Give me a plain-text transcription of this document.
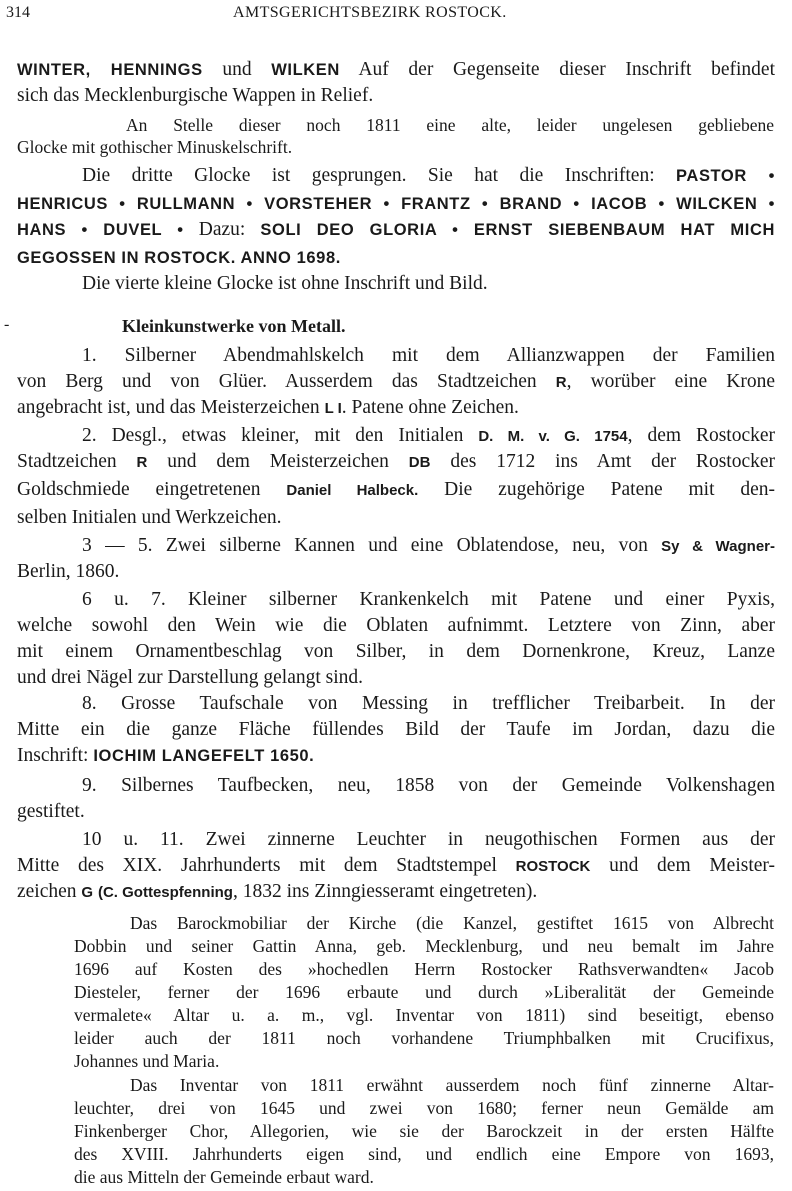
314	AMTSGERICHTSBEZIRK ROSTOCK.
-
WINTER, HENNINGS und WILKEN Auf der Gegenseite dieser Inschrift befindet
sich das Mecklenburgische Wappen in Relief.
An Stelle dieser noch 1811 eine alte, leider ungelesen gebliebene
Glocke mit gothischer Minuskelschrift.
Die dritte Glocke ist gesprungen. Sie hat die Inschriften: PASTOR •
HENRICUS • RULLMANN • VORSTEHER • FRANTZ • BRAND • IACOB • WILCKEN •
HANS • DUVEL • Dazu: SOLI DEO GLORIA • ERNST SIEBENBAUM HAT MICH
GEGOSSEN IN ROSTOCK. ANNO 1698.
Die vierte kleine Glocke ist ohne Inschrift und Bild.
Kleinkunstwerke von Metall.
1. Silberner Abendmahlskelch mit dem Allianzwappen der Familien
von Berg und von Glüer. Ausserdem das Stadtzeichen R, worüber eine Krone
angebracht ist, und das Meisterzeichen L I. Patene ohne Zeichen.
2. Desgl., etwas kleiner, mit den Initialen D. M. v. G. 1754, dem Rostocker
Stadtzeichen R und dem Meisterzeichen DB des 1712 ins Amt der Rostocker
Goldschmiede eingetretenen Daniel Halbeck. Die zugehörige Patene mit den-
selben Initialen und Werkzeichen.
3 — 5. Zwei silberne Kannen und eine Oblatendose, neu, von Sy & Wagner-
Berlin, 1860.
6 u. 7. Kleiner silberner Krankenkelch mit Patene und einer Pyxis,
welche sowohl den Wein wie die Oblaten aufnimmt. Letztere von Zinn, aber
mit einem Ornamentbeschlag von Silber, in dem Dornenkrone, Kreuz, Lanze
und drei Nägel zur Darstellung gelangt sind.
8. Grosse Taufschale von Messing in trefflicher Treibarbeit. In der
Mitte ein die ganze Fläche füllendes Bild der Taufe im Jordan, dazu die
Inschrift: IOCHIM LANGEFELT 1650.
9. Silbernes Taufbecken, neu, 1858 von der Gemeinde Volkenshagen
gestiftet.
10 u. 11. Zwei zinnerne Leuchter in neugothischen Formen aus der
Mitte des XIX. Jahrhunderts mit dem Stadtstempel ROSTOCK und dem Meister-
zeichen G (C. Gottespfenning, 1832 ins Zinngiesseramt eingetreten).
Das Barockmobiliar der Kirche (die Kanzel, gestiftet 1615 von Albrecht
Dobbin und seiner Gattin Anna, geb. Mecklenburg, und neu bemalt im Jahre
1696 auf Kosten des »hochedlen Herrn Rostocker Rathsverwandten« Jacob
Diesteler, ferner der 1696 erbaute und durch »Liberalität der Gemeinde
vermalete« Altar u. a. m., vgl. Inventar von 1811) sind beseitigt, ebenso
leider auch der 1811 noch vorhandene Triumphbalken mit Crucifixus,
Johannes und Maria.
Das Inventar von 1811 erwähnt ausserdem noch fünf zinnerne Altar-
leuchter, drei von 1645 und zwei von 1680; ferner neun Gemälde am
Finkenberger Chor, Allegorien, wie sie der Barockzeit in der ersten Hälfte
des XVIII. Jahrhunderts eigen sind, und endlich eine Empore von 1693,
die aus Mitteln der Gemeinde erbaut ward.
